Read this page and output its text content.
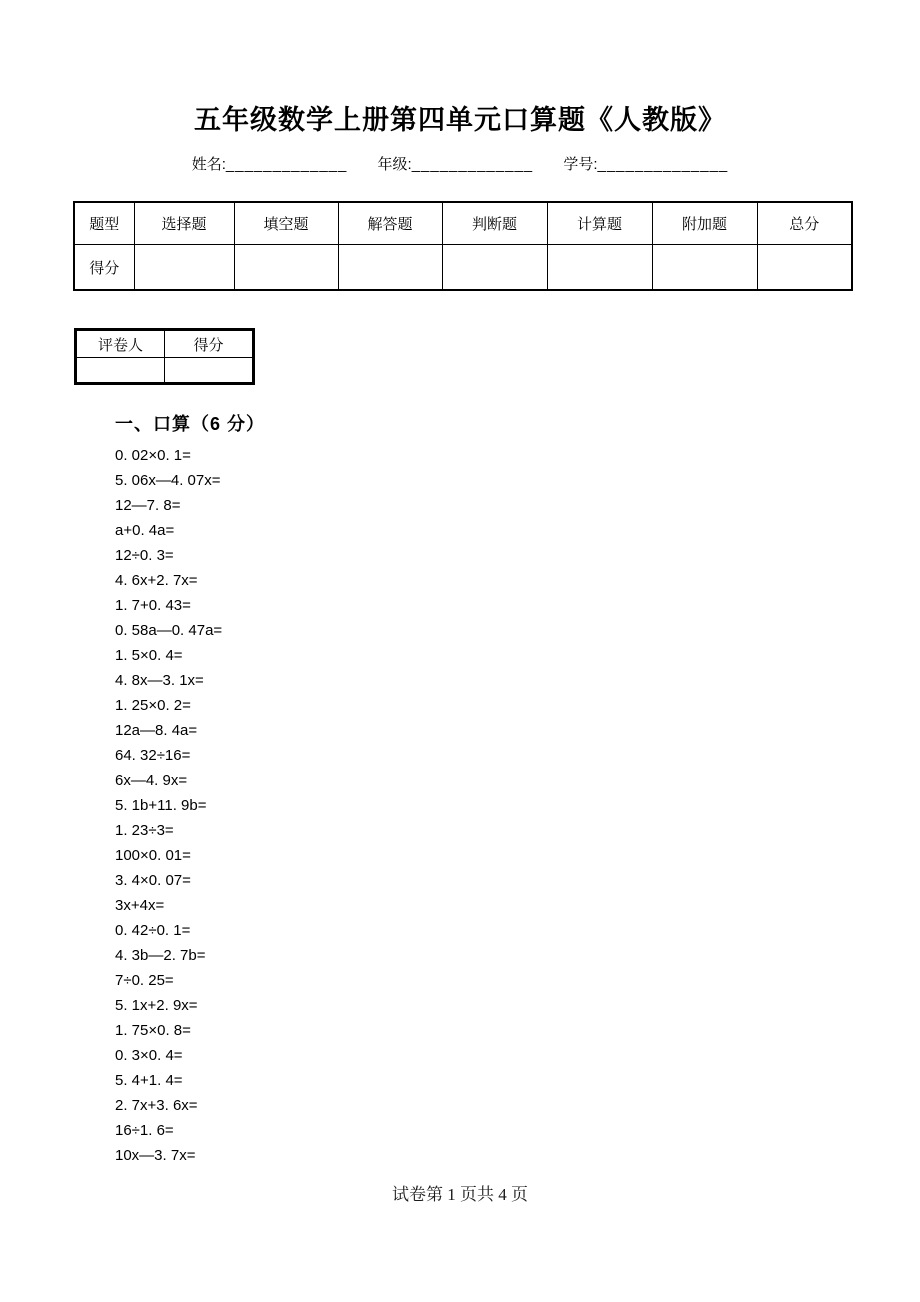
五年级数学上册第四单元口算题《人教版》
姓名:_____________ 年级:_____________ 学号:______________
题型	选择题	填空题	解答题	判断题	计算题	附加题	总分
得分							
评卷人	得分

一、口算（6 分）
0. 02×0. 1=
5. 06x—4. 07x=
12—7. 8=
a+0. 4a=
12÷0. 3=
4. 6x+2. 7x=
1. 7+0. 43=
0. 58a—0. 47a=
1. 5×0. 4=
4. 8x—3. 1x=
1. 25×0. 2=
12a—8. 4a=
64. 32÷16=
6x—4. 9x=
5. 1b+11. 9b=
1. 23÷3=
100×0. 01=
3. 4×0. 07=
3x+4x=
0. 42÷0. 1=
4. 3b—2. 7b=
7÷0. 25=
5. 1x+2. 9x=
1. 75×0. 8=
0. 3×0. 4=
5. 4+1. 4=
2. 7x+3. 6x=
16÷1. 6=
10x—3. 7x=
试卷第 1 页共 4 页
